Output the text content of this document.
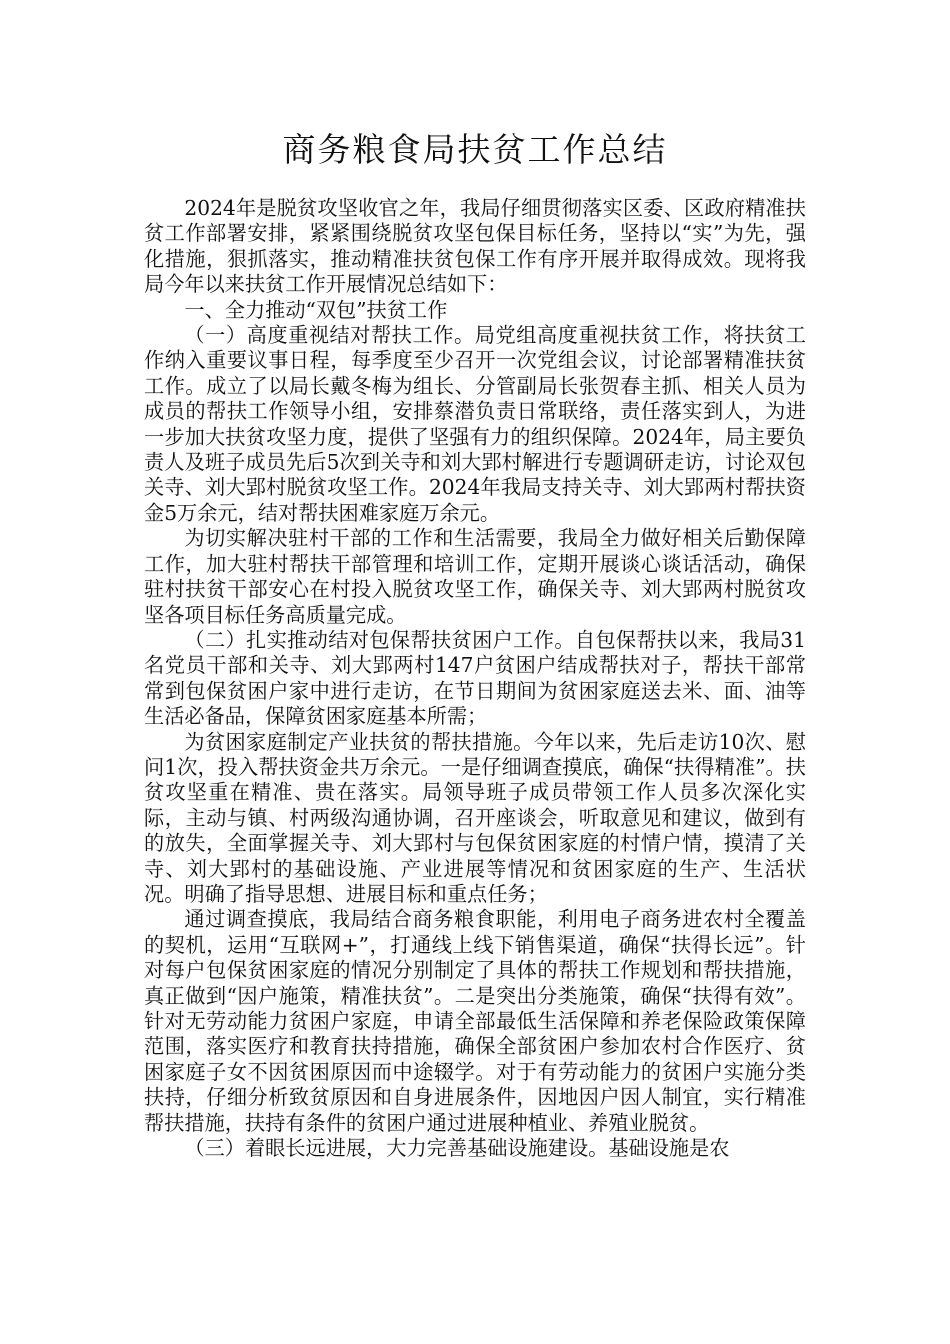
商务粮食局扶贫工作总结

2024年是脱贫攻坚收官之年，我局仔细贯彻落实区委、区政府精准扶贫工作部署安排，紧紧围绕脱贫攻坚包保目标任务，坚持以“实”为先，强化措施，狠抓落实，推动精准扶贫包保工作有序开展并取得成效。现将我局今年以来扶贫工作开展情况总结如下：

一、全力推动“双包”扶贫工作

（一）高度重视结对帮扶工作。局党组高度重视扶贫工作，将扶贫工作纳入重要议事日程，每季度至少召开一次党组会议，讨论部署精准扶贫工作。成立了以局长戴冬梅为组长、分管副局长张贺春主抓、相关人员为成员的帮扶工作领导小组，安排蔡潜负责日常联络，责任落实到人，为进一步加大扶贫攻坚力度，提供了坚强有力的组织保障。2024年，局主要负责人及班子成员先后5次到关寺和刘大郢村解进行专题调研走访，讨论双包关寺、刘大郢村脱贫攻坚工作。2024年我局支持关寺、刘大郢两村帮扶资金5万余元，结对帮扶困难家庭万余元。

为切实解决驻村干部的工作和生活需要，我局全力做好相关后勤保障工作，加大驻村帮扶干部管理和培训工作，定期开展谈心谈话活动，确保驻村扶贫干部安心在村投入脱贫攻坚工作，确保关寺、刘大郢两村脱贫攻坚各项目标任务高质量完成。

（二）扎实推动结对包保帮扶贫困户工作。自包保帮扶以来，我局31名党员干部和关寺、刘大郢两村147户贫困户结成帮扶对子，帮扶干部常常到包保贫困户家中进行走访，在节日期间为贫困家庭送去米、面、油等生活必备品，保障贫困家庭基本所需；

为贫困家庭制定产业扶贫的帮扶措施。今年以来，先后走访10次、慰问1次，投入帮扶资金共万余元。一是仔细调查摸底，确保“扶得精准”。扶贫攻坚重在精准、贵在落实。局领导班子成员带领工作人员多次深化实际，主动与镇、村两级沟通协调，召开座谈会，听取意见和建议，做到有的放失，全面掌握关寺、刘大郢村与包保贫困家庭的村情户情，摸清了关寺、刘大郢村的基础设施、产业进展等情况和贫困家庭的生产、生活状况。明确了指导思想、进展目标和重点任务；

通过调查摸底，我局结合商务粮食职能，利用电子商务进农村全覆盖的契机，运用“互联网+”，打通线上线下销售渠道，确保“扶得长远”。针对每户包保贫困家庭的情况分别制定了具体的帮扶工作规划和帮扶措施，真正做到“因户施策，精准扶贫”。二是突出分类施策，确保“扶得有效”。针对无劳动能力贫困户家庭，申请全部最低生活保障和养老保险政策保障范围，落实医疗和教育扶持措施，确保全部贫困户参加农村合作医疗、贫困家庭子女不因贫困原因而中途辍学。对于有劳动能力的贫困户实施分类扶持，仔细分析致贫原因和自身进展条件，因地因户因人制宜，实行精准帮扶措施，扶持有条件的贫困户通过进展种植业、养殖业脱贫。

（三）着眼长远进展，大力完善基础设施建设。基础设施是农
